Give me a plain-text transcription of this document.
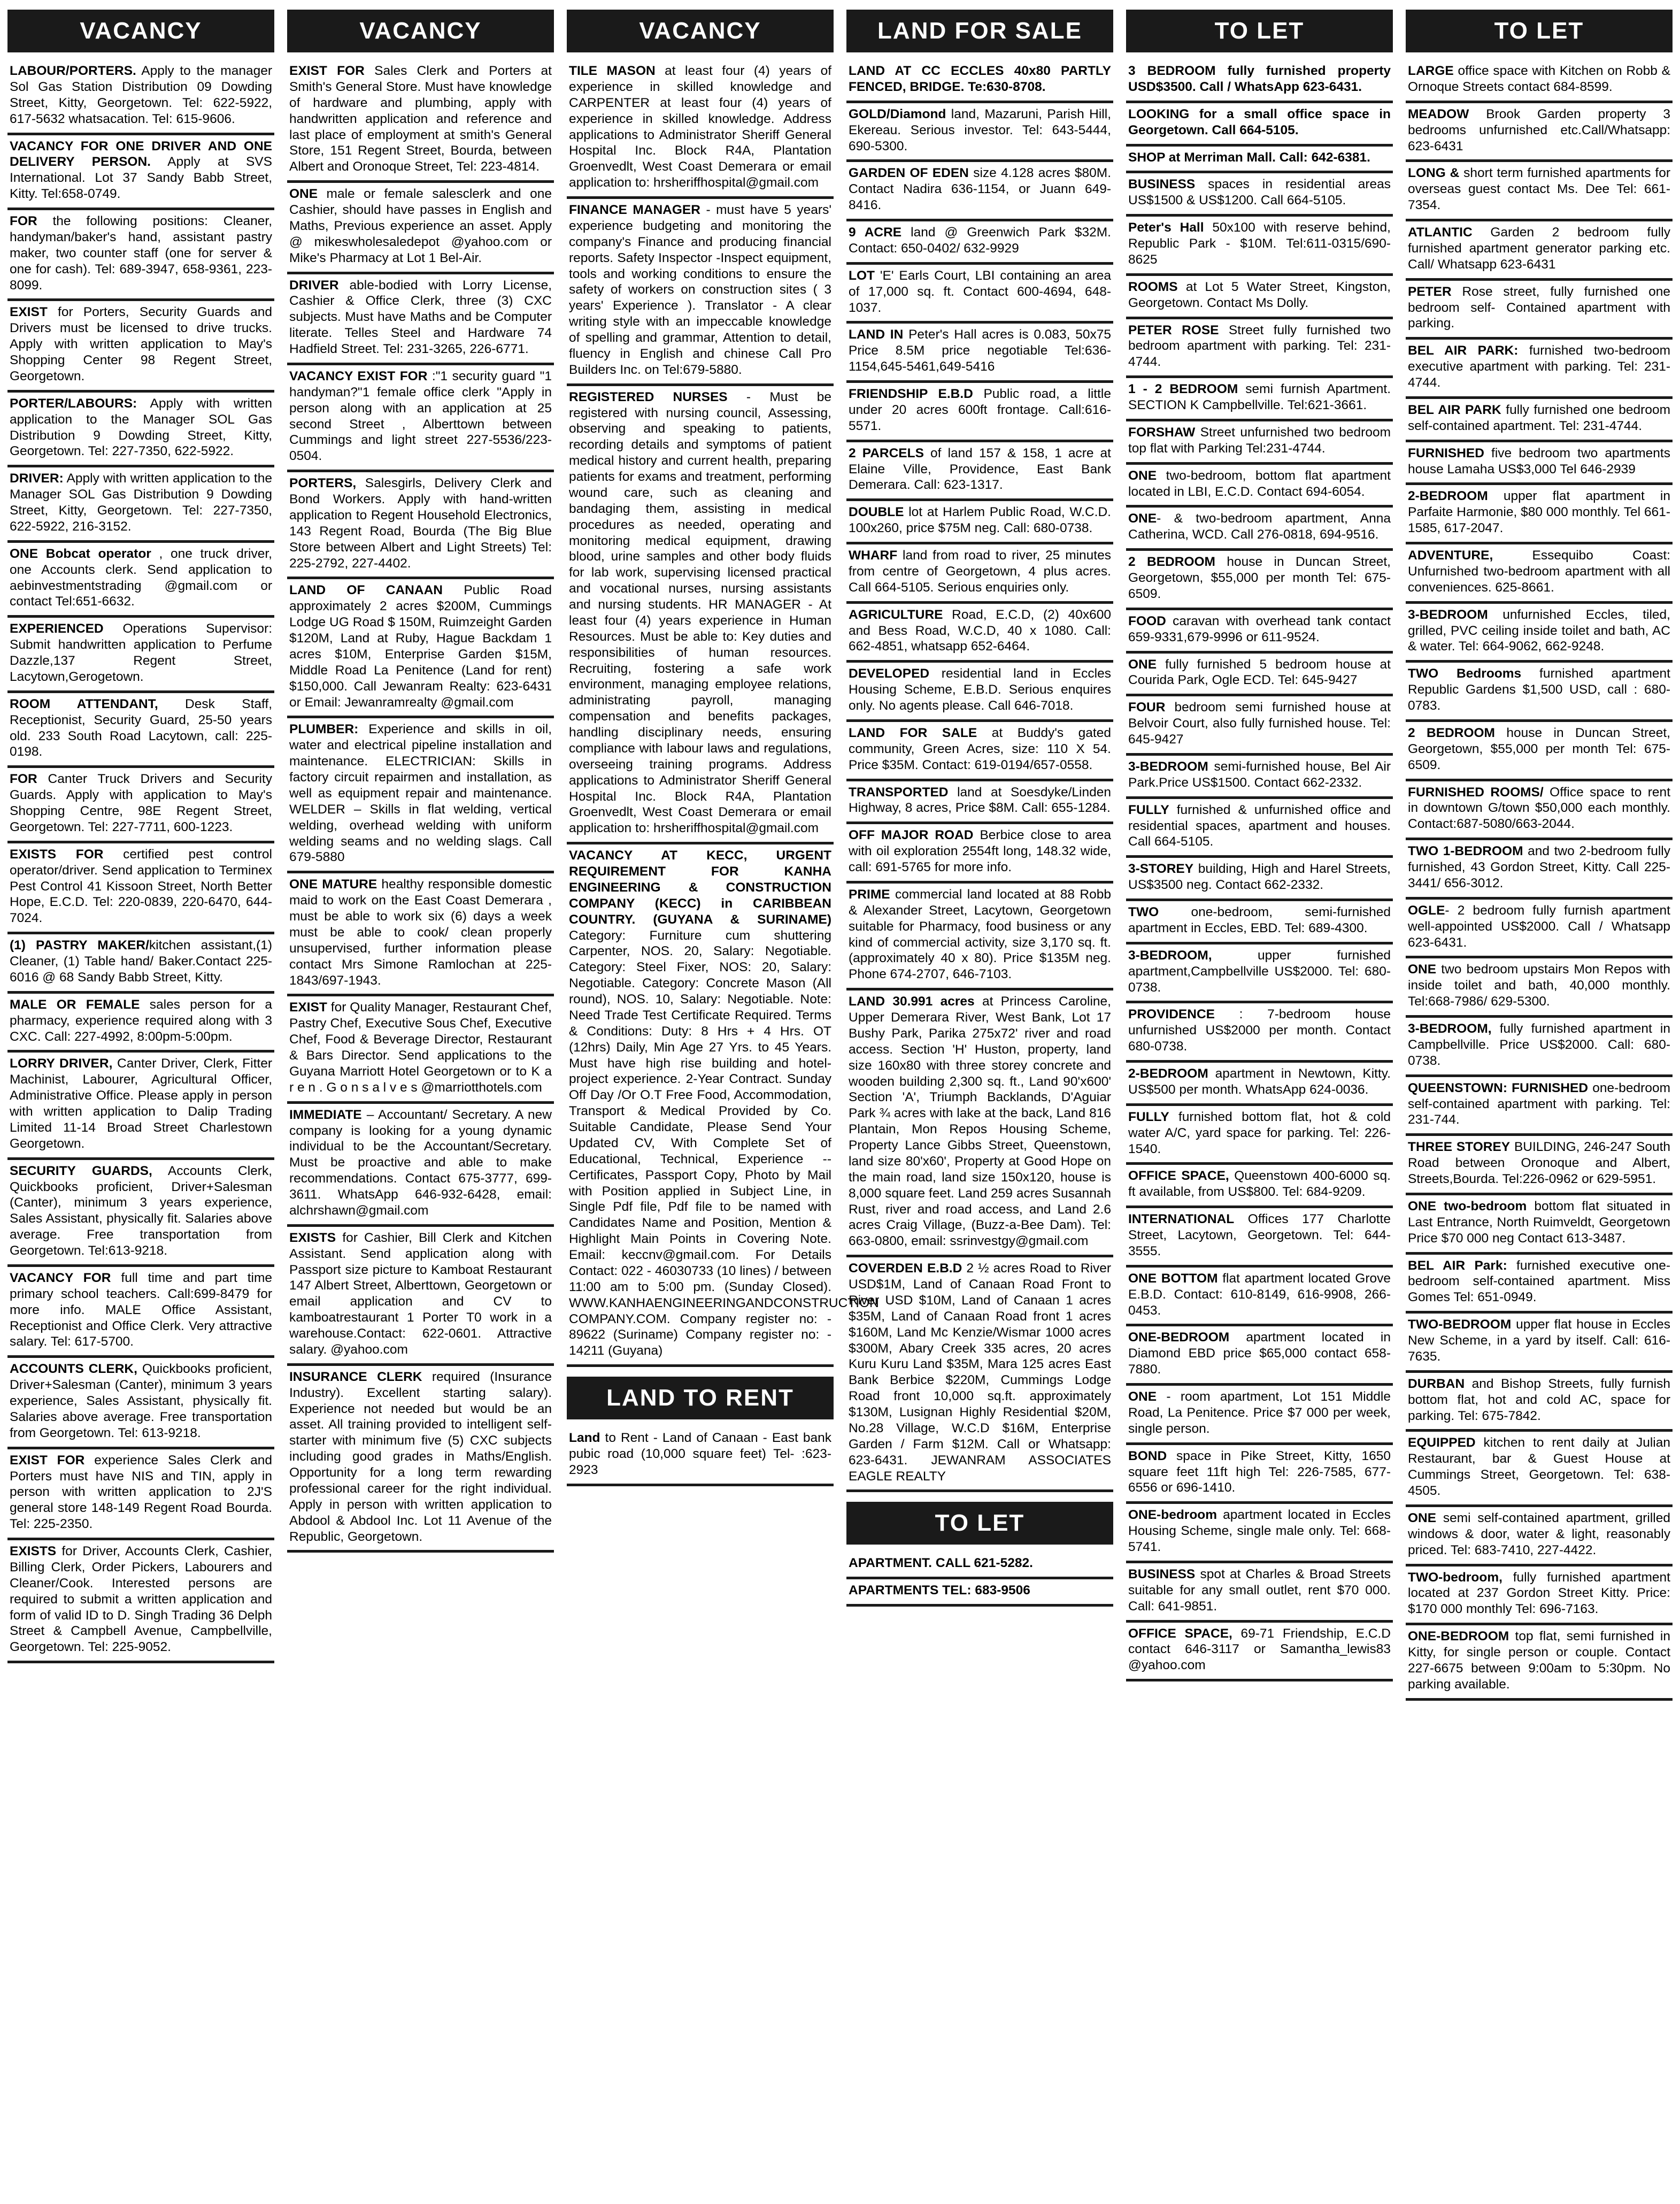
VACANCY
LABOUR/PORTERS. Apply to the manager Sol Gas Station Distribution 09 Dowding Street, Kitty, Georgetown. Tel: 622-5922, 617-5632 whatsacation. Tel: 615-9606.
VACANCY FOR ONE DRIVER AND ONE DELIVERY PERSON. Apply at SVS International. Lot 37 Sandy Babb Street, Kitty. Tel:658-0749.
FOR the following positions: Cleaner, handyman/baker's hand, assistant pastry maker, two counter staff (one for server & one for cash). Tel: 689-3947, 658-9361, 223-8099.
EXIST for Porters, Security Guards and Drivers must be licensed to drive trucks. Apply with written application to May's Shopping Center 98 Regent Street, Georgetown.
PORTER/LABOURS: Apply with written application to the Manager SOL Gas Distribution 9 Dowding Street, Kitty, Georgetown. Tel: 227-7350, 622-5922.
DRIVER: Apply with written application to the Manager SOL Gas Distribution 9 Dowding Street, Kitty, Georgetown. Tel: 227-7350, 622-5922, 216-3152.
ONE Bobcat operator , one truck driver, one Accounts clerk. Send application to aebinvestmentstrading @gmail.com or contact Tel:651-6632.
EXPERIENCED Operations Supervisor: Submit handwritten application to Perfume Dazzle,137 Regent Street, Lacytown,Gerogetown.
ROOM ATTENDANT, Desk Staff, Receptionist, Security Guard, 25-50 years old. 233 South Road Lacytown, call: 225-0198.
FOR Canter Truck Drivers and Security Guards. Apply with application to May's Shopping Centre, 98E Regent Street, Georgetown. Tel: 227-7711, 600-1223.
EXISTS FOR certified pest control operator/driver. Send application to Terminex Pest Control 41 Kissoon Street, North Better Hope, E.C.D. Tel: 220-0839, 220-6470, 644-7024.
(1) PASTRY MAKER/kitchen assistant,(1) Cleaner, (1) Table hand/ Baker.Contact 225-6016 @ 68 Sandy Babb Street, Kitty.
MALE OR FEMALE sales person for a pharmacy, experience required along with 3 CXC. Call: 227-4992, 8:00pm-5:00pm.
LORRY DRIVER, Canter Driver, Clerk, Fitter Machinist, Labourer, Agricultural Officer, Administrative Office. Please apply in person with written application to Dalip Trading Limited 11-14 Broad Street Charlestown Georgetown.
SECURITY GUARDS, Accounts Clerk, Quickbooks proficient, Driver+Salesman (Canter), minimum 3 years experience, Sales Assistant, physically fit. Salaries above average. Free transportation from Georgetown. Tel:613-9218.
VACANCY FOR full time and part time primary school teachers. Call:699-8479 for more info. MALE Office Assistant, Receptionist and Office Clerk. Very attractive salary. Tel: 617-5700.
ACCOUNTS CLERK, Quickbooks proficient, Driver+Salesman (Canter), minimum 3 years experience, Sales Assistant, physically fit. Salaries above average. Free transportation from Georgetown. Tel: 613-9218.
EXIST FOR experience Sales Clerk and Porters must have NIS and TIN, apply in person with written application to 2J'S general store 148-149 Regent Road Bourda. Tel: 225-2350.
EXISTS for Driver, Accounts Clerk, Cashier, Billing Clerk, Order Pickers, Labourers and Cleaner/Cook. Interested persons are required to submit a written application and form of valid ID to D. Singh Trading 36 Delph Street & Campbell Avenue, Campbellville, Georgetown. Tel: 225-9052.
VACANCY
EXIST FOR Sales Clerk and Porters at Smith's General Store. Must have knowledge of hardware and plumbing, apply with handwritten application and reference and last place of employment at smith's General Store, 151 Regent Street, Bourda, between Albert and Oronoque Street, Tel: 223-4814.
ONE male or female salesclerk and one Cashier, should have passes in English and Maths, Previous experience an asset. Apply @ mikeswholesaledepot @yahoo.com or Mike's Pharmacy at Lot 1 Bel-Air.
DRIVER able-bodied with Lorry License, Cashier & Office Clerk, three (3) CXC subjects. Must have Maths and be Computer literate. Telles Steel and Hardware 74 Hadfield Street. Tel: 231-3265, 226-6771.
VACANCY EXIST FOR :"1 security guard "1 handyman?"1 female office clerk "Apply in person along with an application at 25 second Street , Alberttown between Cummings and light street 227-5536/223-0504.
PORTERS, Salesgirls, Delivery Clerk and Bond Workers. Apply with hand-written application to Regent Household Electronics, 143 Regent Road, Bourda (The Big Blue Store between Albert and Light Streets) Tel: 225-2792, 227-4402.
LAND OF CANAAN Public Road approximately 2 acres $200M, Cummings Lodge UG Road $ 150M, Ruimzeight Garden $120M, Land at Ruby, Hague Backdam 1 acres $10M, Enterprise Garden $15M, Middle Road La Penitence (Land for rent) $150,000. Call Jewanram Realty: 623-6431 or Email: Jewanramrealty @gmail.com
PLUMBER: Experience and skills in oil, water and electrical pipeline installation and maintenance. ELECTRICIAN: Skills in factory circuit repairmen and installation, as well as equipment repair and maintenance. WELDER – Skills in flat welding, vertical welding, overhead welding with uniform welding seams and no welding slags. Call 679-5880
ONE MATURE healthy responsible domestic maid to work on the East Coast Demerara , must be able to work six (6) days a week must be able to cook/ clean properly unsupervised, further information please contact Mrs Simone Ramlochan at 225-1843/697-1943.
EXIST for Quality Manager, Restaurant Chef, Pastry Chef, Executive Sous Chef, Executive Chef, Food & Beverage Director, Restaurant & Bars Director. Send applications to the Guyana Marriott Hotel Georgetown or to K a r e n . G o n s a l v e s @marriotthotels.com
IMMEDIATE – Accountant/ Secretary. A new company is looking for a young dynamic individual to be the Accountant/Secretary. Must be proactive and able to make recommendations. Contact 675-3777, 699-3611. WhatsApp 646-932-6428, email: alchrshawn@gmail.com
EXISTS for Cashier, Bill Clerk and Kitchen Assistant. Send application along with Passport size picture to Kamboat Restaurant 147 Albert Street, Alberttown, Georgetown or email application and CV to kamboatrestaurant 1 Porter T0 work in a warehouse.Contact: 622-0601. Attractive salary. @yahoo.com
INSURANCE CLERK required (Insurance Industry). Excellent starting salary). Experience not needed but would be an asset. All training provided to intelligent self-starter with minimum five (5) CXC subjects including good grades in Maths/English. Opportunity for a long term rewarding professional career for the right individual. Apply in person with written application to Abdool & Abdool Inc. Lot 11 Avenue of the Republic, Georgetown.
VACANCY
TILE MASON at least four (4) years of experience in skilled knowledge and CARPENTER at least four (4) years of experience in skilled knowledge. Address applications to Administrator Sheriff General Hospital Inc. Block R4A, Plantation Groenvedlt, West Coast Demerara or email application to: hrsheriffhospital@gmail.com
FINANCE MANAGER - must have 5 years' experience budgeting and monitoring the company's Finance and producing financial reports. Safety Inspector -Inspect equipment, tools and working conditions to ensure the safety of workers on construction sites ( 3 years' Experience ). Translator - A clear writing style with an impeccable knowledge of spelling and grammar, Attention to detail, fluency in English and chinese Call Pro Builders Inc. on Tel:679-5880.
REGISTERED NURSES - Must be registered with nursing council, Assessing, observing and speaking to patients, recording details and symptoms of patient medical history and current health, preparing patients for exams and treatment, performing wound care, such as cleaning and bandaging them, assisting in medical procedures as needed, operating and monitoring medical equipment, drawing blood, urine samples and other body fluids for lab work, supervising licensed practical and vocational nurses, nursing assistants and nursing students. HR MANAGER - At least four (4) years experience in Human Resources. Must be able to: Key duties and responsibilities of human resources. Recruiting, fostering a safe work environment, managing employee relations, administrating payroll, managing compensation and benefits packages, handling disciplinary needs, ensuring compliance with labour laws and regulations, overseeing training programs. Address applications to Administrator Sheriff General Hospital Inc. Block R4A, Plantation Groenvedlt, West Coast Demerara or email application to: hrsheriffhospital@gmail.com
VACANCY AT KECC, URGENT REQUIREMENT FOR KANHA ENGINEERING & CONSTRUCTION COMPANY (KECC) in CARIBBEAN COUNTRY. (GUYANA & SURINAME) Category: Furniture cum shuttering Carpenter, NOS. 20, Salary: Negotiable. Category: Steel Fixer, NOS: 20, Salary: Negotiable. Category: Concrete Mason (All round), NOS. 10, Salary: Negotiable. Note: Need Trade Test Certificate Required. Terms & Conditions: Duty: 8 Hrs + 4 Hrs. OT (12hrs) Daily, Min Age 27 Yrs. to 45 Years. Must have high rise building and hotel-project experience. 2-Year Contract. Sunday Off Day /Or O.T Free Food, Accommodation, Transport & Medical Provided by Co. Suitable Candidate, Please Send Your Updated CV, With Complete Set of Educational, Technical, Experience -- Certificates, Passport Copy, Photo by Mail with Position applied in Subject Line, in Single Pdf file, Pdf file to be named with Candidates Name and Position, Mention & Highlight Main Points in Covering Note. Email: keccnv@gmail.com. For Details Contact: 022 - 46030733 (10 lines) / between 11:00 am to 5:00 pm. (Sunday Closed). WWW.KANHAENGINEERINGANDCONSTRUCTION COMPANY.COM. Company register no: - 89622 (Suriname) Company register no: - 14211 (Guyana)
LAND TO RENT
Land to Rent - Land of Canaan - East bank pubic road (10,000 square feet) Tel- :623-2923
LAND FOR SALE
LAND AT CC ECCLES 40x80 PARTLY FENCED, BRIDGE. Te:630-8708.
GOLD/Diamond land, Mazaruni, Parish Hill, Ekereau. Serious investor. Tel: 643-5444, 690-5300.
GARDEN OF EDEN size 4.128 acres $80M. Contact Nadira 636-1154, or Juann 649-8416.
9 ACRE land @ Greenwich Park $32M. Contact: 650-0402/ 632-9929
LOT 'E' Earls Court, LBI containing an area of 17,000 sq. ft. Contact 600-4694, 648-1037.
LAND IN Peter's Hall acres is 0.083, 50x75 Price 8.5M price negotiable Tel:636-1154,645-5461,649-5416
FRIENDSHIP E.B.D Public road, a little under 20 acres 600ft frontage. Call:616-5571.
2 PARCELS of land 157 & 158, 1 acre at Elaine Ville, Providence, East Bank Demerara. Call: 623-1317.
DOUBLE lot at Harlem Public Road, W.C.D. 100x260, price $75M neg. Call: 680-0738.
WHARF land from road to river, 25 minutes from centre of Georgetown, 4 plus acres. Call 664-5105. Serious enquiries only.
AGRICULTURE Road, E.C.D, (2) 40x600 and Bess Road, W.C.D, 40 x 1080. Call: 662-4851, whatsapp 652-6464.
DEVELOPED residential land in Eccles Housing Scheme, E.B.D. Serious enquires only. No agents please. Call 646-7018.
LAND FOR SALE at Buddy's gated community, Green Acres, size: 110 X 54. Price $35M. Contact: 619-0194/657-0558.
TRANSPORTED land at Soesdyke/Linden Highway, 8 acres, Price $8M. Call: 655-1284.
OFF MAJOR ROAD Berbice close to area with oil exploration 2554ft long, 148.32 wide, call: 691-5765 for more info.
PRIME commercial land located at 88 Robb & Alexander Street, Lacytown, Georgetown suitable for Pharmacy, food business or any kind of commercial activity, size 3,170 sq. ft. (approximately 40 x 80). Price $135M neg. Phone 674-2707, 646-7103.
LAND 30.991 acres at Princess Caroline, Upper Demerara River, West Bank, Lot 17 Bushy Park, Parika 275x72' river and road access. Section 'H' Huston, property, land size 160x80 with three storey concrete and wooden building 2,300 sq. ft., Land 90'x600' Section 'A', Triumph Backlands, D'Aguiar Park ¾ acres with lake at the back, Land 816 Plantain, Mon Repos Housing Scheme, Property Lance Gibbs Street, Queenstown, land size 80'x60', Property at Good Hope on the main road, land size 150x120, house is 8,000 square feet. Land 259 acres Susannah Rust, river and road access, and Land 2.6 acres Craig Village, (Buzz-a-Bee Dam). Tel: 663-0800, email: ssrinvestgy@gmail.com
COVERDEN E.B.D 2 ½ acres Road to River USD$1M, Land of Canaan Road Front to River USD $10M, Land of Canaan 1 acres $35M, Land of Canaan Road front 1 acres $160M, Land Mc Kenzie/Wismar 1000 acres $300M, Abary Creek 335 acres, 20 acres Kuru Kuru Land $35M, Mara 125 acres East Bank Berbice $220M, Cummings Lodge Road front 10,000 sq.ft. approximately $130M, Lusignan Highly Residential $20M, No.28 Village, W.C.D $16M, Enterprise Garden / Farm $12M. Call or Whatsapp: 623-6431. JEWANRAM ASSOCIATES EAGLE REALTY
TO LET
APARTMENT. CALL 621-5282.
APARTMENTS TEL: 683-9506
TO LET
3 BEDROOM fully furnished property USD$3500. Call / WhatsApp 623-6431.
LOOKING for a small office space in Georgetown. Call 664-5105.
SHOP at Merriman Mall. Call: 642-6381.
BUSINESS spaces in residential areas US$1500 & US$1200. Call 664-5105.
Peter's Hall 50x100 with reserve behind, Republic Park - $10M. Tel:611-0315/690-8625
ROOMS at Lot 5 Water Street, Kingston, Georgetown. Contact Ms Dolly.
PETER ROSE Street fully furnished two bedroom apartment with parking. Tel: 231-4744.
1 - 2 BEDROOM semi furnish Apartment. SECTION K Campbellville. Tel:621-3661.
FORSHAW Street unfurnished two bedroom top flat with Parking Tel:231-4744.
ONE two-bedroom, bottom flat apartment located in LBI, E.C.D. Contact 694-6054.
ONE- & two-bedroom apartment, Anna Catherina, WCD. Call 276-0818, 694-9516.
2 BEDROOM house in Duncan Street, Georgetown, $55,000 per month Tel: 675-6509.
FOOD caravan with overhead tank contact 659-9331,679-9996 or 611-9524.
ONE fully furnished 5 bedroom house at Courida Park, Ogle ECD. Tel: 645-9427
FOUR bedroom semi furnished house at Belvoir Court, also fully furnished house. Tel: 645-9427
3-BEDROOM semi-furnished house, Bel Air Park.Price US$1500. Contact 662-2332.
FULLY furnished & unfurnished office and residential spaces, apartment and houses. Call 664-5105.
3-STOREY building, High and Harel Streets, US$3500 neg. Contact 662-2332.
TWO one-bedroom, semi-furnished apartment in Eccles, EBD. Tel: 689-4300.
3-BEDROOM, upper furnished apartment,Campbellville US$2000. Tel: 680-0738.
PROVIDENCE : 7-bedroom house unfurnished US$2000 per month. Contact 680-0738.
2-BEDROOM apartment in Newtown, Kitty. US$500 per month. WhatsApp 624-0036.
FULLY furnished bottom flat, hot & cold water A/C, yard space for parking. Tel: 226-1540.
OFFICE SPACE, Queenstown 400-6000 sq. ft available, from US$800. Tel: 684-9209.
INTERNATIONAL Offices 177 Charlotte Street, Lacytown, Georgetown. Tel: 644-3555.
ONE BOTTOM flat apartment located Grove E.B.D. Contact: 610-8149, 616-9908, 266-0453.
ONE-BEDROOM apartment located in Diamond EBD price $65,000 contact 658-7880.
ONE - room apartment, Lot 151 Middle Road, La Penitence. Price $7 000 per week, single person.
BOND space in Pike Street, Kitty, 1650 square feet 11ft high Tel: 226-7585, 677-6556 or 696-1410.
ONE-bedroom apartment located in Eccles Housing Scheme, single male only. Tel: 668-5741.
BUSINESS spot at Charles & Broad Streets suitable for any small outlet, rent $70 000. Call: 641-9851.
OFFICE SPACE, 69-71 Friendship, E.C.D contact 646-3117 or Samantha_lewis83 @yahoo.com
TO LET
LARGE office space with Kitchen on Robb & Ornoque Streets contact 684-8599.
MEADOW Brook Garden property 3 bedrooms unfurnished etc.Call/Whatsapp: 623-6431
LONG & short term furnished apartments for overseas guest contact Ms. Dee Tel: 661-7354.
ATLANTIC Garden 2 bedroom fully furnished apartment generator parking etc. Call/ Whatsapp 623-6431
PETER Rose street, fully furnished one bedroom self- Contained apartment with parking.
BEL AIR PARK: furnished two-bedroom executive apartment with parking. Tel: 231-4744.
BEL AIR PARK fully furnished one bedroom self-contained apartment. Tel: 231-4744.
FURNISHED five bedroom two apartments house Lamaha US$3,000 Tel 646-2939
2-BEDROOM upper flat apartment in Parfaite Harmonie, $80 000 monthly. Tel 661-1585, 617-2047.
ADVENTURE, Essequibo Coast: Unfurnished two-bedroom apartment with all conveniences. 625-8661.
3-BEDROOM unfurnished Eccles, tiled, grilled, PVC ceiling inside toilet and bath, AC & water. Tel: 664-9062, 662-9248.
TWO Bedrooms furnished apartment Republic Gardens $1,500 USD, call : 680-0783.
2 BEDROOM house in Duncan Street, Georgetown, $55,000 per month Tel: 675-6509.
FURNISHED ROOMS/ Office space to rent in downtown G/town $50,000 each monthly. Contact:687-5080/663-2044.
TWO 1-BEDROOM and two 2-bedroom fully furnished, 43 Gordon Street, Kitty. Call 225- 3441/ 656-3012.
OGLE- 2 bedroom fully furnish apartment well-appointed US$2000. Call / Whatsapp 623-6431.
ONE two bedroom upstairs Mon Repos with inside toilet and bath, 40,000 monthly. Tel:668-7986/ 629-5300.
3-BEDROOM, fully furnished apartment in Campbellville. Price US$2000. Call: 680-0738.
QUEENSTOWN: FURNISHED one-bedroom self-contained apartment with parking. Tel: 231-744.
THREE STOREY BUILDING, 246-247 South Road between Oronoque and Albert, Streets,Bourda. Tel:226-0962 or 629-5951.
ONE two-bedroom bottom flat situated in Last Entrance, North Ruimveldt, Georgetown Price $70 000 neg Contact 613-3487.
BEL AIR Park: furnished executive one-bedroom self-contained apartment. Miss Gomes Tel: 651-0949.
TWO-BEDROOM upper flat house in Eccles New Scheme, in a yard by itself. Call: 616-7635.
DURBAN and Bishop Streets, fully furnish bottom flat, hot and cold AC, space for parking. Tel: 675-7842.
EQUIPPED kitchen to rent daily at Julian Restaurant, bar & Guest House at Cummings Street, Georgetown. Tel: 638-4505.
ONE semi self-contained apartment, grilled windows & door, water & light, reasonably priced. Tel: 683-7410, 227-4422.
TWO-bedroom, fully furnished apartment located at 237 Gordon Street Kitty. Price: $170 000 monthly Tel: 696-7163.
ONE-BEDROOM top flat, semi furnished in Kitty, for single person or couple. Contact 227-6675 between 9:00am to 5:30pm. No parking available.
